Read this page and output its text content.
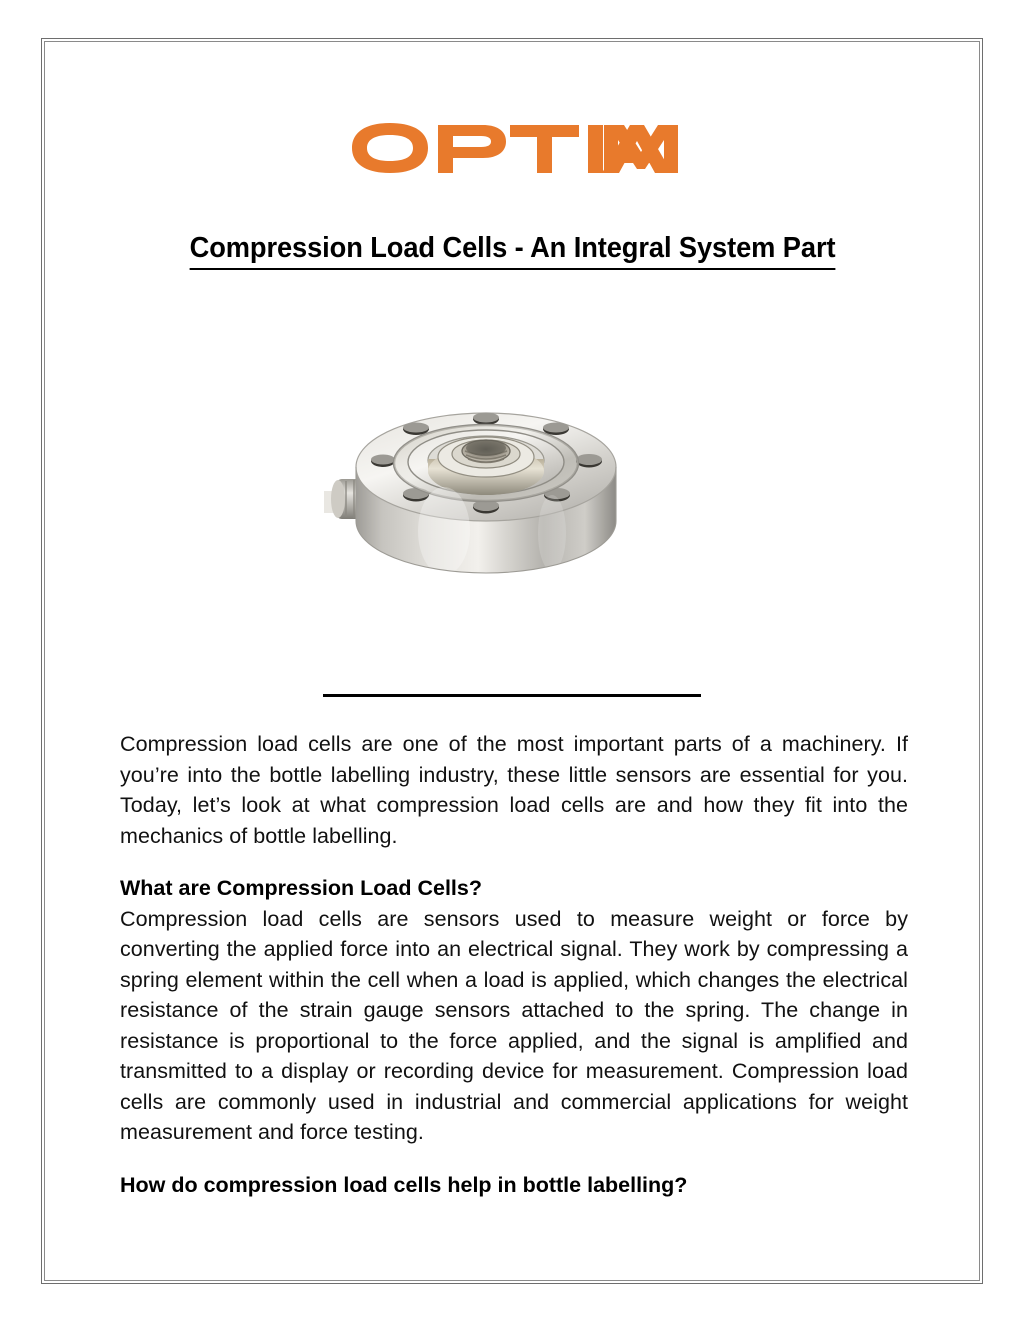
Compression Load Cells - An Integral System Part

Compression load cells are one of the most important parts of a machinery. If you’re into the bottle labelling industry, these little sensors are essential for you. Today, let’s look at what compression load cells are and how they fit into the mechanics of bottle labelling.

What are Compression Load Cells?

Compression load cells are sensors used to measure weight or force by converting the applied force into an electrical signal. They work by compressing a spring element within the cell when a load is applied, which changes the electrical resistance of the strain gauge sensors attached to the spring. The change in resistance is proportional to the force applied, and the signal is amplified and transmitted to a display or recording device for measurement. Compression load cells are commonly used in industrial and commercial applications for weight measurement and force testing.

How do compression load cells help in bottle labelling?
